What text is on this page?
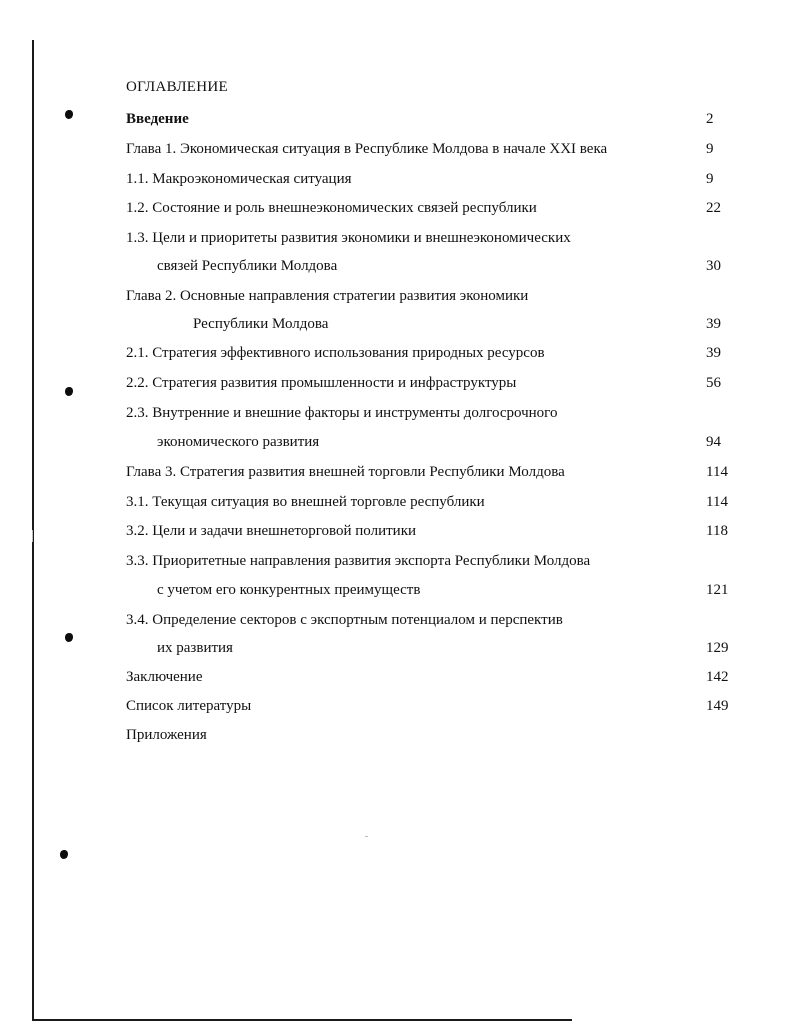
ОГЛАВЛЕНИЕ
Введение	2
Глава 1. Экономическая ситуация в Республике Молдова в начале XXI века	9
1.1. Макроэкономическая ситуация	9
1.2. Состояние и роль внешнеэкономических связей республики	22
1.3. Цели и приоритеты развития экономики и внешнеэкономических
связей Республики Молдова	30
Глава 2. Основные направления стратегии развития экономики
Республики Молдова	39
2.1. Стратегия эффективного использования природных ресурсов	39
2.2. Стратегия развития промышленности и инфраструктуры	56
2.3. Внутренние и внешние факторы и инструменты долгосрочного
экономического развития	94
Глава 3. Стратегия развития внешней торговли Республики Молдова	114
3.1. Текущая ситуация во внешней торговле республики	114
3.2. Цели и задачи внешнеторговой политики	118
3.3. Приоритетные направления развития экспорта Республики Молдова
с учетом его конкурентных преимуществ	121
3.4. Определение секторов с экспортным потенциалом и перспектив
их развития	129
Заключение	142
Список литературы	149
Приложения
